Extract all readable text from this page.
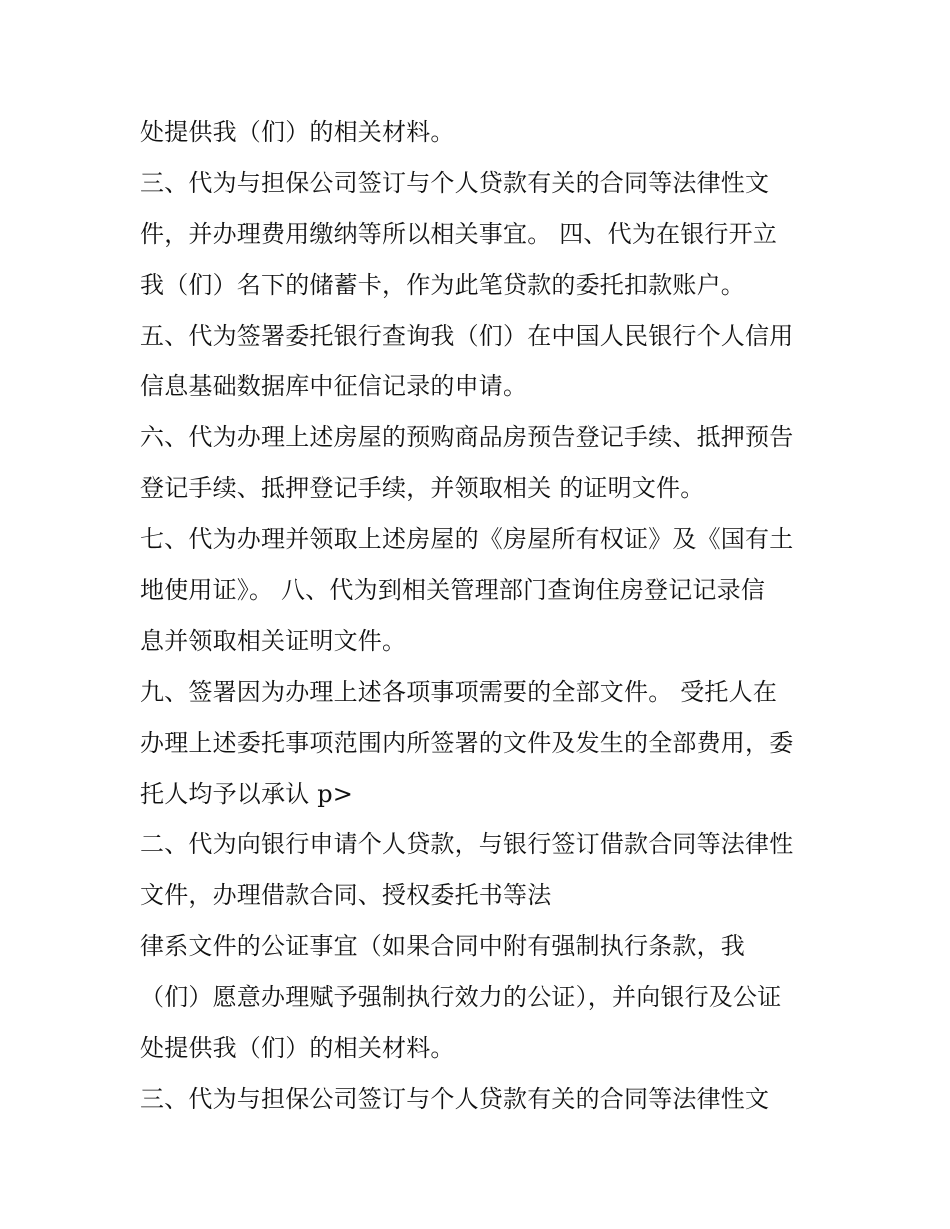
处提供我（们）的相关材料。
三、代为与担保公司签订与个人贷款有关的合同等法律性文
件，并办理费用缴纳等所以相关事宜。 四、代为在银行开立
我（们）名下的储蓄卡，作为此笔贷款的委托扣款账户。
五、代为签署委托银行查询我（们）在中国人民银行个人信用
信息基础数据库中征信记录的申请。
六、代为办理上述房屋的预购商品房预告登记手续、抵押预告
登记手续、抵押登记手续，并领取相关 的证明文件。
七、代为办理并领取上述房屋的《房屋所有权证》及《国有土
地使用证》。 八、代为到相关管理部门查询住房登记记录信
息并领取相关证明文件。
九、签署因为办理上述各项事项需要的全部文件。 受托人在
办理上述委托事项范围内所签署的文件及发生的全部费用，委
托人均予以承认 p>
二、代为向银行申请个人贷款，与银行签订借款合同等法律性
文件，办理借款合同、授权委托书等法
律系文件的公证事宜（如果合同中附有强制执行条款，我
（们）愿意办理赋予强制执行效力的公证），并向银行及公证
处提供我（们）的相关材料。
三、代为与担保公司签订与个人贷款有关的合同等法律性文
